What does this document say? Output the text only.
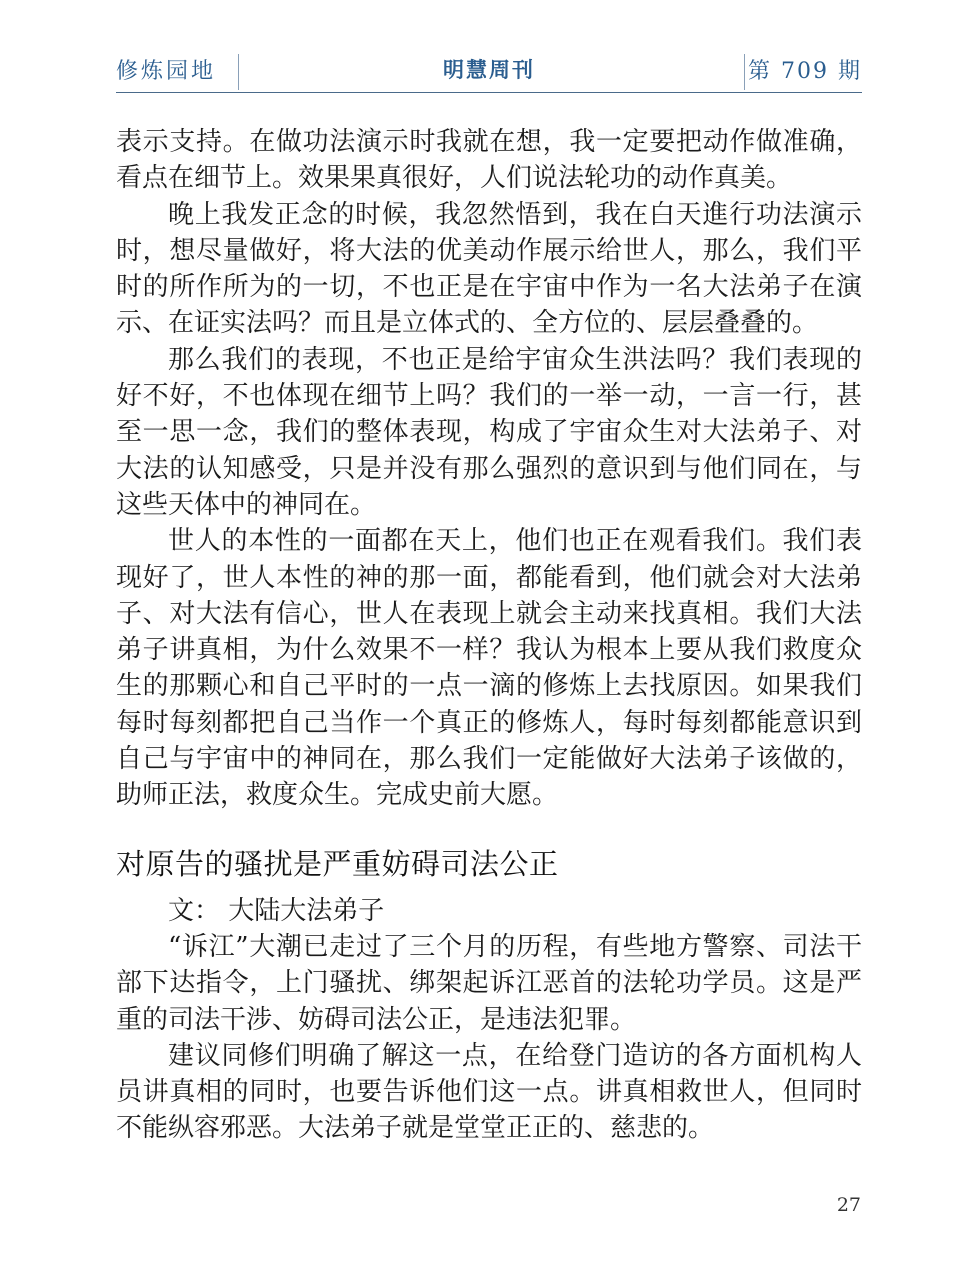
修炼园地	明慧周刊	第 709 期

表示支持。在做功法演示时我就在想，我一定要把动作做准确，看点在细节上。效果果真很好，人们说法轮功的动作真美。

晚上我发正念的时候，我忽然悟到，我在白天進行功法演示时，想尽量做好，将大法的优美动作展示给世人，那么，我们平时的所作所为的一切，不也正是在宇宙中作为一名大法弟子在演示、在证实法吗？而且是立体式的、全方位的、层层叠叠的。

那么我们的表现，不也正是给宇宙众生洪法吗？我们表现的好不好，不也体现在细节上吗？我们的一举一动，一言一行，甚至一思一念，我们的整体表现，构成了宇宙众生对大法弟子、对大法的认知感受，只是并没有那么强烈的意识到与他们同在，与这些天体中的神同在。

世人的本性的一面都在天上，他们也正在观看我们。我们表现好了，世人本性的神的那一面，都能看到，他们就会对大法弟子、对大法有信心，世人在表现上就会主动来找真相。我们大法弟子讲真相，为什么效果不一样？我认为根本上要从我们救度众生的那颗心和自己平时的一点一滴的修炼上去找原因。如果我们每时每刻都把自己当作一个真正的修炼人，每时每刻都能意识到自己与宇宙中的神同在，那么我们一定能做好大法弟子该做的，助师正法，救度众生。完成史前大愿。

对原告的骚扰是严重妨碍司法公正

文： 大陆大法弟子

“诉江”大潮已走过了三个月的历程，有些地方警察、司法干部下达指令，上门骚扰、绑架起诉江恶首的法轮功学员。这是严重的司法干涉、妨碍司法公正，是违法犯罪。

建议同修们明确了解这一点，在给登门造访的各方面机构人员讲真相的同时，也要告诉他们这一点。讲真相救世人，但同时不能纵容邪恶。大法弟子就是堂堂正正的、慈悲的。

27
